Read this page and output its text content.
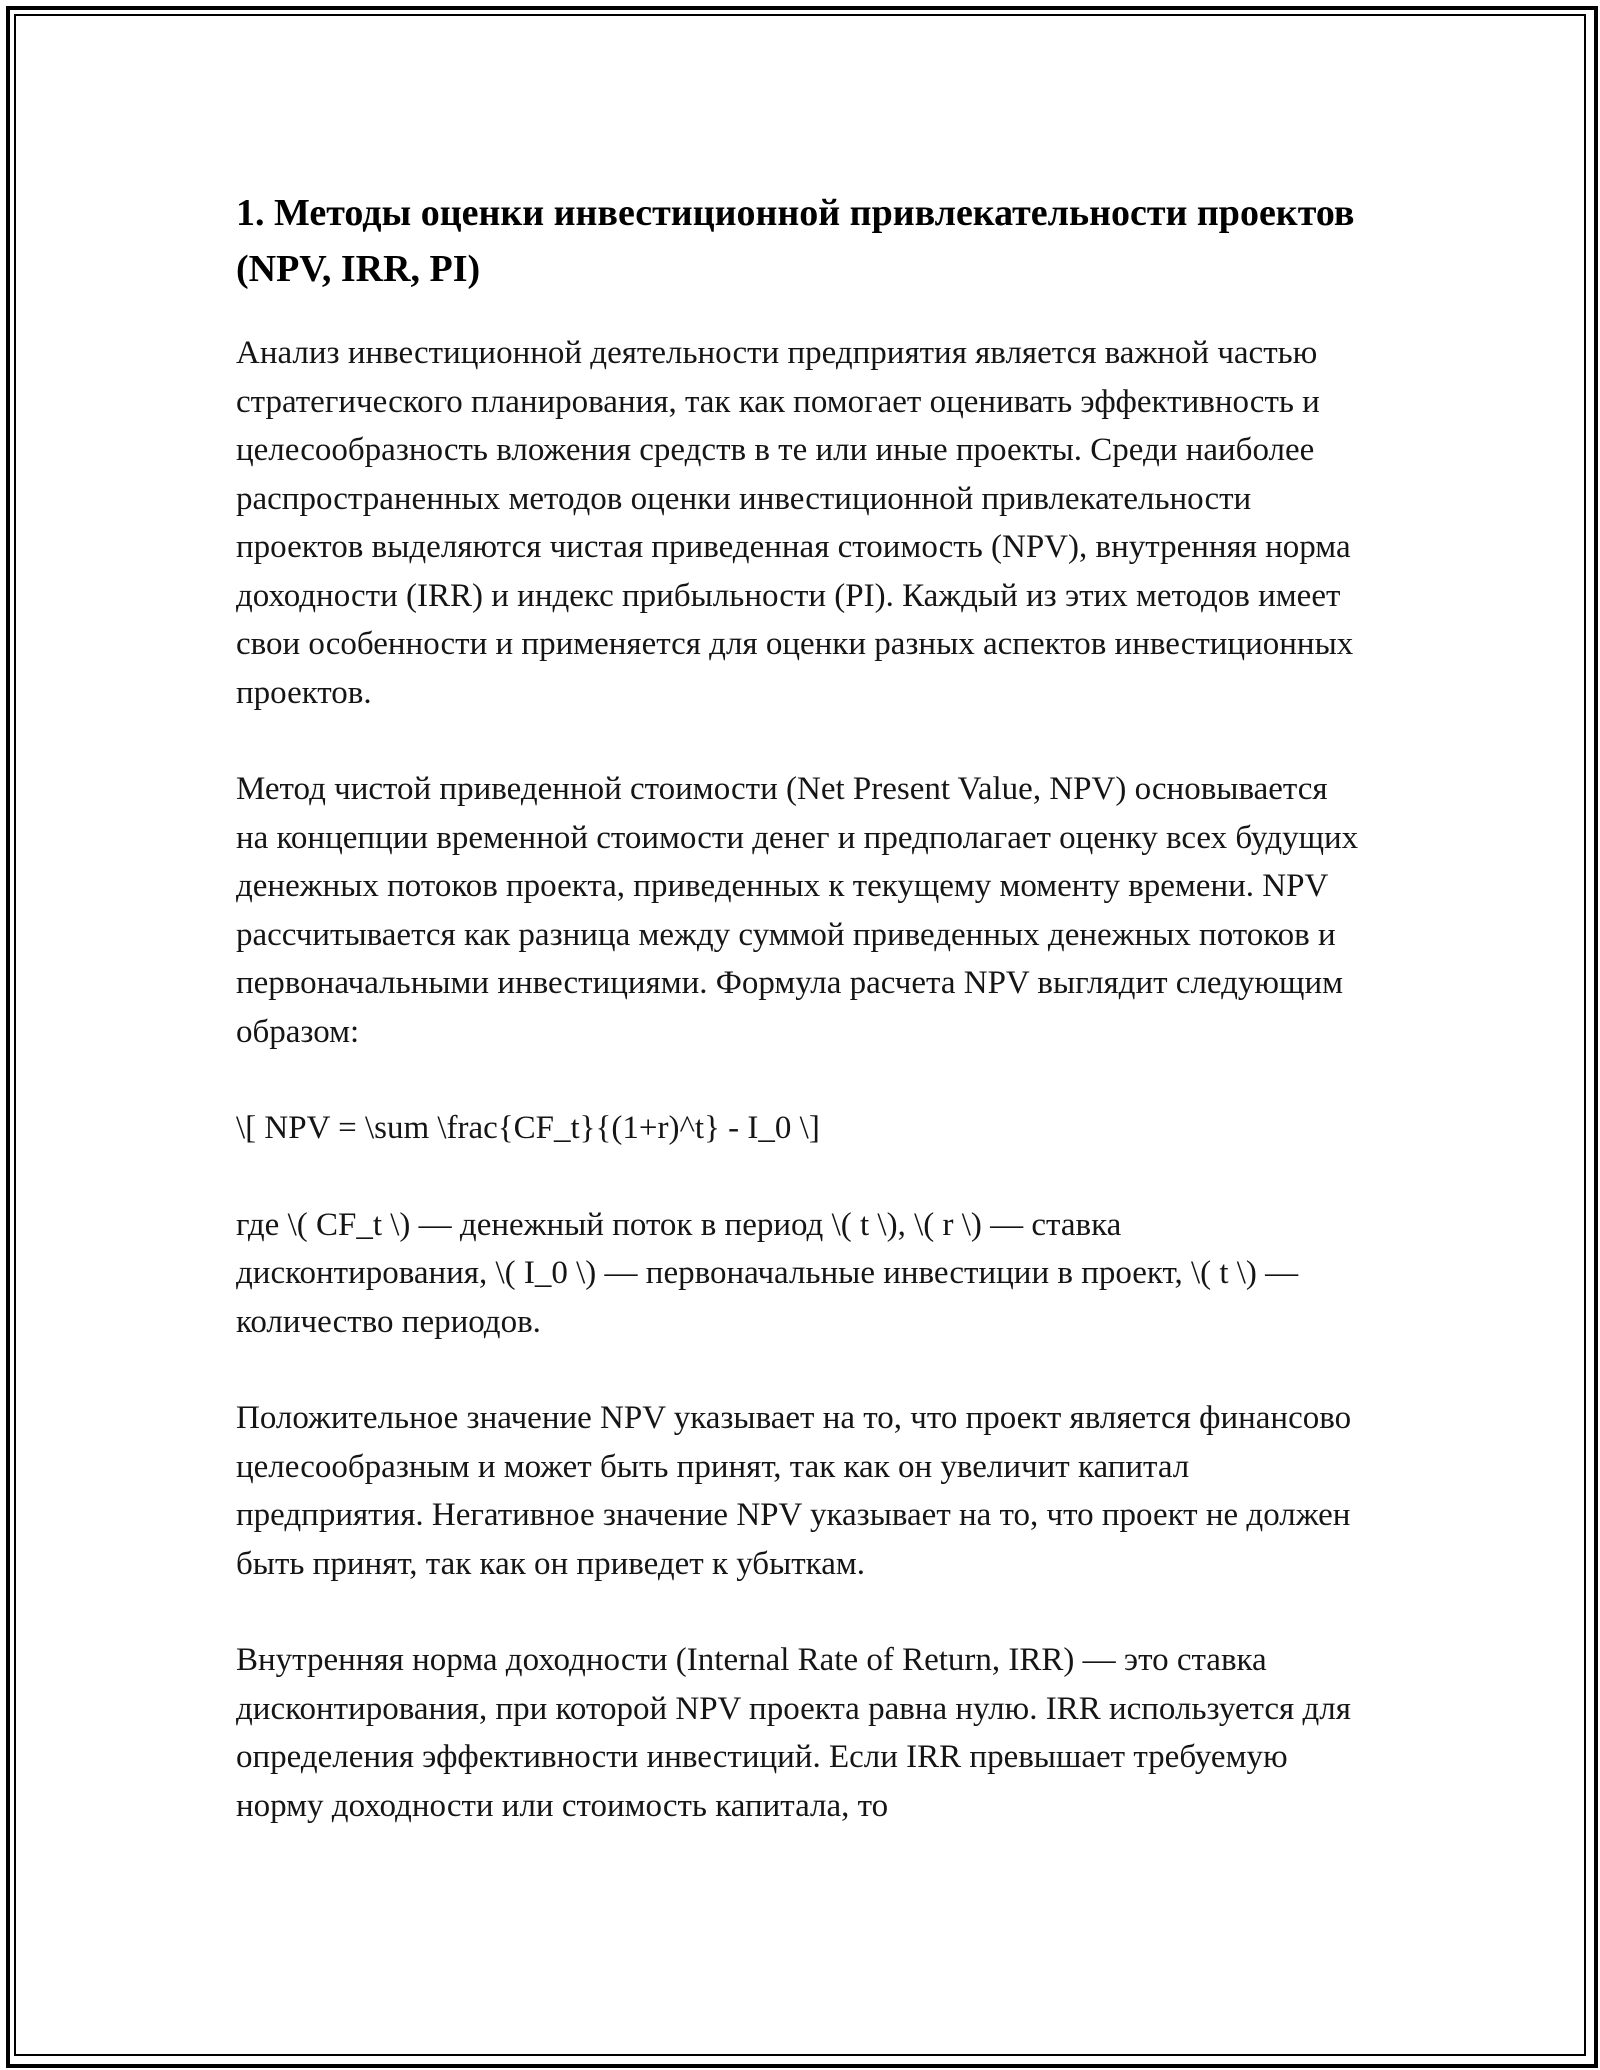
1. Методы оценки инвестиционной привлекательности проектов (NPV, IRR, PI)

Анализ инвестиционной деятельности предприятия является важной частью стратегического планирования, так как помогает оценивать эффективность и целесообразность вложения средств в те или иные проекты. Среди наиболее распространенных методов оценки инвестиционной привлекательности проектов выделяются чистая приведенная стоимость (NPV), внутренняя норма доходности (IRR) и индекс прибыльности (PI). Каждый из этих методов имеет свои особенности и применяется для оценки разных аспектов инвестиционных проектов.

Метод чистой приведенной стоимости (Net Present Value, NPV) основывается на концепции временной стоимости денег и предполагает оценку всех будущих денежных потоков проекта, приведенных к текущему моменту времени. NPV рассчитывается как разница между суммой приведенных денежных потоков и первоначальными инвестициями. Формула расчета NPV выглядит следующим образом:

\[ NPV = \sum \frac{CF_t}{(1+r)^t} - I_0 \]

где \( CF_t \) — денежный поток в период \( t \), \( r \) — ставка дисконтирования, \( I_0 \) — первоначальные инвестиции в проект, \( t \) — количество периодов.

Положительное значение NPV указывает на то, что проект является финансово целесообразным и может быть принят, так как он увеличит капитал предприятия. Негативное значение NPV указывает на то, что проект не должен быть принят, так как он приведет к убыткам.

Внутренняя норма доходности (Internal Rate of Return, IRR) — это ставка дисконтирования, при которой NPV проекта равна нулю. IRR используется для определения эффективности инвестиций. Если IRR превышает требуемую норму доходности или стоимость капитала, то
